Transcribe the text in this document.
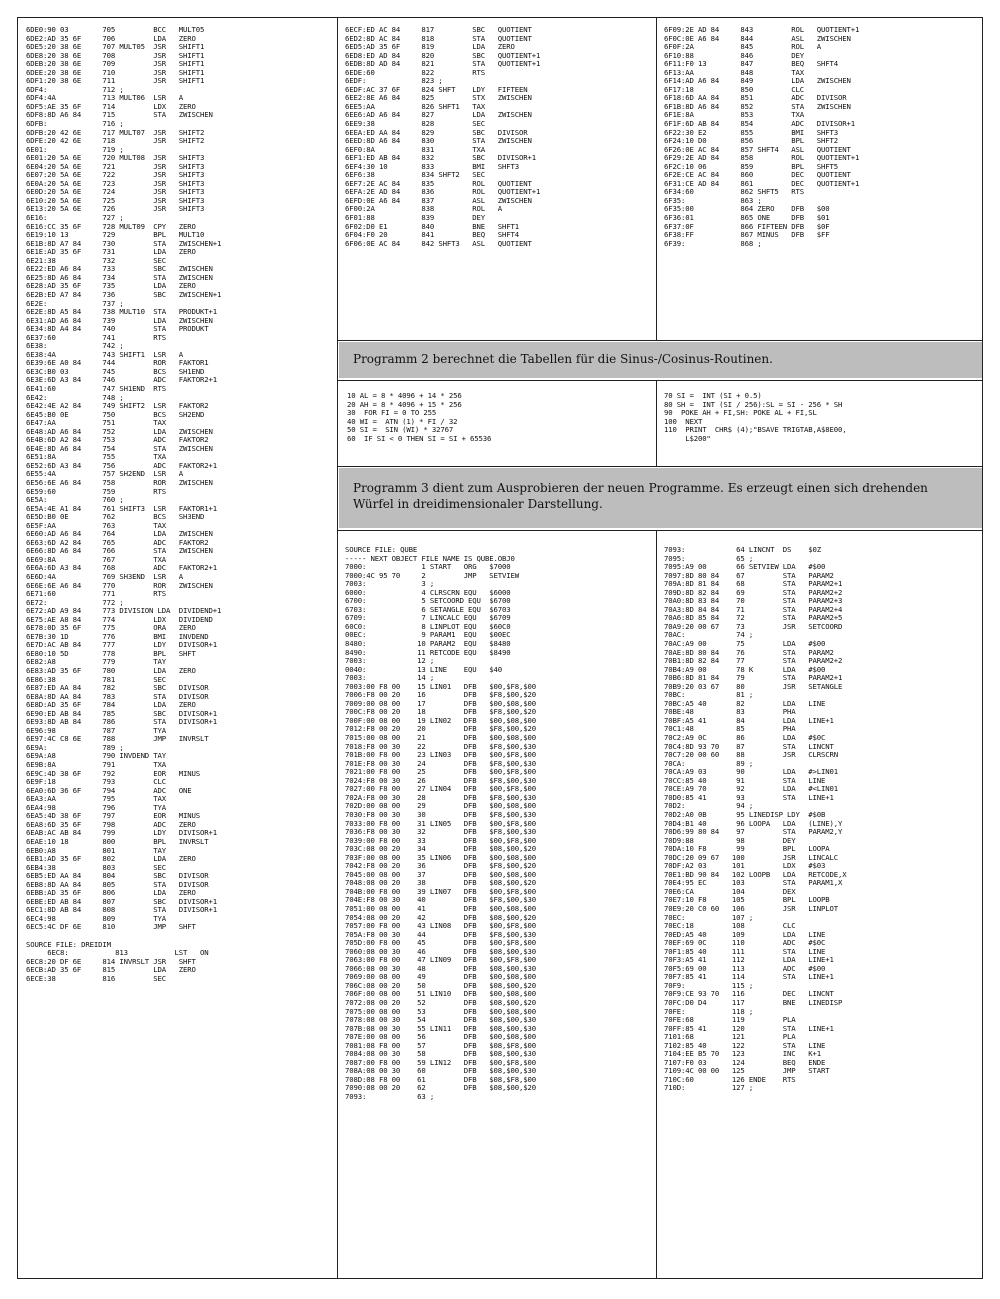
6DE0:90 03        705         BCC   MULT05
6DE2:AD 35 6F     706         LDA   ZERO
6DE5:20 38 6E     707 MULT05  JSR   SHIFT1
6DE8:20 38 6E     708         JSR   SHIFT1
6DEB:20 38 6E     709         JSR   SHIFT1
6DEE:20 38 6E     710         JSR   SHIFT1
6DF1:20 38 6E     711         JSR   SHIFT1
6DF4:             712 ;
6DF4:4A           713 MULT06  LSR   A
6DF5:AE 35 6F     714         LDX   ZERO
6DF8:8D A6 84     715         STA   ZWISCHEN
6DFB:             716 ;
6DFB:20 42 6E     717 MULT07  JSR   SHIFT2
6DFE:20 42 6E     718         JSR   SHIFT2
6E01:             719 ;
6E01:20 5A 6E     720 MULT08  JSR   SHIFT3
6E04:20 5A 6E     721         JSR   SHIFT3
6E07:20 5A 6E     722         JSR   SHIFT3
6E0A:20 5A 6E     723         JSR   SHIFT3
6E0D:20 5A 6E     724         JSR   SHIFT3
6E10:20 5A 6E     725         JSR   SHIFT3
6E13:20 5A 6E     726         JSR   SHIFT3
6E16:             727 ;
6E16:CC 35 6F     728 MULT09  CPY   ZERO
6E19:10 13        729         BPL   MULT10
6E1B:8D A7 84     730         STA   ZWISCHEN+1
6E1E:AD 35 6F     731         LDA   ZERO
6E21:38           732         SEC
6E22:ED A6 84     733         SBC   ZWISCHEN
6E25:8D A6 84     734         STA   ZWISCHEN
6E28:AD 35 6F     735         LDA   ZERO
6E2B:ED A7 84     736         SBC   ZWISCHEN+1
6E2E:             737 ;
6E2E:8D A5 84     738 MULT10  STA   PRODUKT+1
6E31:AD A6 84     739         LDA   ZWISCHEN
6E34:8D A4 84     740         STA   PRODUKT
6E37:60           741         RTS
6E38:             742 ;
6E38:4A           743 SHIFT1  LSR   A
6E39:6E A0 84     744         ROR   FAKTOR1
6E3C:B0 03        745         BCS   SH1END
6E3E:6D A3 84     746         ADC   FAKTOR2+1
6E41:60           747 SH1END  RTS
6E42:             748 ;
6E42:4E A2 84     749 SHIFT2  LSR   FAKTOR2
6E45:B0 0E        750         BCS   SH2END
6E47:AA           751         TAX
6E48:AD A6 84     752         LDA   ZWISCHEN
6E4B:6D A2 84     753         ADC   FAKTOR2
6E4E:8D A6 84     754         STA   ZWISCHEN
6E51:8A           755         TXA
6E52:6D A3 84     756         ADC   FAKTOR2+1
6E55:4A           757 SH2END  LSR   A
6E56:6E A6 84     758         ROR   ZWISCHEN
6E59:60           759         RTS
6E5A:             760 ;
6E5A:4E A1 84     761 SHIFT3  LSR   FAKTOR1+1
6E5D:B0 0E        762         BCS   SH3END
6E5F:AA           763         TAX
6E60:AD A6 84     764         LDA   ZWISCHEN
6E63:6D A2 84     765         ADC   FAKTOR2
6E66:8D A6 84     766         STA   ZWISCHEN
6E69:8A           767         TXA
6E6A:6D A3 84     768         ADC   FAKTOR2+1
6E6D:4A           769 SH3END  LSR   A
6E6E:6E A6 84     770         ROR   ZWISCHEN
6E71:60           771         RTS
6E72:             772 ;
6E72:AD A9 84     773 DIVISION LDA  DIVIDEND+1
6E75:AE A8 84     774         LDX   DIVIDEND
6E78:0D 35 6F     775         ORA   ZERO
6E7B:30 1D        776         BMI   INVDEND
6E7D:AC AB 84     777         LDY   DIVISOR+1
6E80:10 5D        778         BPL   SHFT
6E82:A8           779         TAY
6E83:AD 35 6F     780         LDA   ZERO
6E86:38           781         SEC
6E87:ED AA 84     782         SBC   DIVISOR
6E8A:8D AA 84     783         STA   DIVISOR
6E8D:AD 35 6F     784         LDA   ZERO
6E90:ED AB 84     785         SBC   DIVISOR+1
6E93:8D AB 84     786         STA   DIVISOR+1
6E96:98           787         TYA
6E97:4C C8 6E     788         JMP   INVRSLT
6E9A:             789 ;
6E9A:A8           790 INVDEND TAY
6E9B:8A           791         TXA
6E9C:4D 38 6F     792         EOR   MINUS
6E9F:18           793         CLC
6EA0:6D 36 6F     794         ADC   ONE
6EA3:AA           795         TAX
6EA4:98           796         TYA
6EA5:4D 38 6F     797         EOR   MINUS
6EA8:6D 35 6F     798         ADC   ZERO
6EAB:AC AB 84     799         LDY   DIVISOR+1
6EAE:10 18        800         BPL   INVRSLT
6EB0:A8           801         TAY
6EB1:AD 35 6F     802         LDA   ZERO
6EB4:38           803         SEC
6EB5:ED AA 84     804         SBC   DIVISOR
6EB8:8D AA 84     805         STA   DIVISOR
6EBB:AD 35 6F     806         LDA   ZERO
6EBE:ED AB 84     807         SBC   DIVISOR+1
6EC1:8D AB 84     808         STA   DIVISOR+1
6EC4:98           809         TYA
6EC5:4C DF 6E     810         JMP   SHFT

SOURCE FILE: DREIDIM
6EC8:           813           LST   ON
6EC8:20 DF 6E     814 INVRSLT JSR   SHFT
6ECB:AD 35 6F     815         LDA   ZERO
6ECE:38           816         SEC
6ECF:ED AC 84     817         SBC   QUOTIENT
6ED2:8D AC 84     818         STA   QUOTIENT
6ED5:AD 35 6F     819         LDA   ZERO
6ED8:ED AD 84     820         SBC   QUOTIENT+1
6EDB:8D AD 84     821         STA   QUOTIENT+1
6EDE:60           822         RTS
6EDF:             823 ;
6EDF:AC 37 6F     824 SHFT    LDY   FIFTEEN
6EE2:8E A6 84     825         STX   ZWISCHEN
6EE5:AA           826 SHFT1   TAX
6EE6:AD A6 84     827         LDA   ZWISCHEN
6EE9:38           828         SEC
6EEA:ED AA 84     829         SBC   DIVISOR
6EED:8D A6 84     830         STA   ZWISCHEN
6EF0:8A           831         TXA
6EF1:ED AB 84     832         SBC   DIVISOR+1
6EF4:30 10        833         BMI   SHFT3
6EF6:38           834 SHFT2   SEC
6EF7:2E AC 84     835         ROL   QUOTIENT
6EFA:2E AD 84     836         ROL   QUOTIENT+1
6EFD:0E A6 84     837         ASL   ZWISCHEN
6F00:2A           838         ROL   A
6F01:88           839         DEY
6F02:D0 E1        840         BNE   SHFT1
6F04:F0 20        841         BEQ   SHFT4
6F06:0E AC 84     842 SHFT3   ASL   QUOTIENT
6F09:2E AD 84     843         ROL   QUOTIENT+1
6F0C:0E A6 84     844         ASL   ZWISCHEN
6F0F:2A           845         ROL   A
6F10:88           846         DEY
6F11:F0 13        847         BEQ   SHFT4
6F13:AA           848         TAX
6F14:AD A6 84     849         LDA   ZWISCHEN
6F17:18           850         CLC
6F18:6D AA 84     851         ADC   DIVISOR
6F1B:8D A6 84     852         STA   ZWISCHEN
6F1E:8A           853         TXA
6F1F:6D AB 84     854         ADC   DIVISOR+1
6F22:30 E2        855         BMI   SHFT3
6F24:10 D0        856         BPL   SHFT2
6F26:0E AC 84     857 SHFT4   ASL   QUOTIENT
6F29:2E AD 84     858         ROL   QUOTIENT+1
6F2C:10 06        859         BPL   SHFT5
6F2E:CE AC 84     860         DEC   QUOTIENT
6F31:CE AD 84     861         DEC   QUOTIENT+1
6F34:60           862 SHFT5   RTS
6F35:             863 ;
6F35:00           864 ZERO    DFB   $00
6F36:01           865 ONE     DFB   $01
6F37:0F           866 FIFTEEN DFB   $0F
6F38:FF           867 MINUS   DFB   $FF
6F39:             868 ;
Programm 2 berechnet die Tabellen für die Sinus-/Cosinus-Routinen.
10 AL = 8 * 4096 + 14 * 256
20 AH = 8 * 4096 + 15 * 256
30  FOR FI = 0 TO 255
40 WI =  ATN (1) * FI / 32
50 SI =  SIN (WI) * 32767
60  IF SI < 0 THEN SI = SI + 65536
70 SI =  INT (SI + 0.5)
80 SH =  INT (SI / 256):SL = SI - 256 * SH
90  POKE AH + FI,SH: POKE AL + FI,SL
100  NEXT
110  PRINT  CHR$ (4);"BSAVE TRIGTAB,A$8E00,
L$200"
Programm 3 dient zum Ausprobieren der neuen Programme. Es erzeugt einen sich drehenden Würfel in dreidimensionaler Darstellung.
SOURCE FILE: QUBE
----- NEXT OBJECT FILE NAME IS QUBE.OBJ0
7000:             1 START   ORG   $7000
7000:4C 95 70     2         JMP   SETVIEW
7003:             3 ;
6000:             4 CLRSCRN EQU   $6000
6700:             5 SETCOORD EQU  $6700
6703:             6 SETANGLE EQU  $6703
6709:             7 LINCALC EQU   $6709
60C0:             8 LINPLOT EQU   $60C0
00EC:             9 PARAM1  EQU   $00EC
8480:            10 PARAM2  EQU   $8480
8490:            11 RETCODE EQU   $8490
7003:            12 ;
0040:            13 LINE    EQU   $40
7003:            14 ;
7003:00 F8 00    15 LIN01   DFB   $00,$F8,$00
7006:F8 00 20    16         DFB   $F8,$00,$20
7009:00 08 00    17         DFB   $00,$08,$00
700C:F8 00 20    18         DFB   $F8,$00,$20
700F:00 08 00    19 LIN02   DFB   $00,$08,$00
7012:F8 00 20    20         DFB   $F8,$00,$20
7015:00 08 00    21         DFB   $00,$08,$00
7018:F8 00 30    22         DFB   $F8,$00,$30
701B:00 F8 00    23 LIN03   DFB   $00,$F8,$00
701E:F8 00 30    24         DFB   $F8,$00,$30
7021:00 F8 00    25         DFB   $00,$F8,$00
7024:F8 00 30    26         DFB   $F8,$00,$30
7027:00 F8 00    27 LIN04   DFB   $00,$F8,$00
702A:F8 00 30    28         DFB   $F8,$00,$30
702D:00 08 00    29         DFB   $00,$08,$00
7030:F8 00 30    30         DFB   $F8,$00,$30
7033:00 F8 00    31 LIN05   DFB   $00,$F8,$00
7036:F8 00 30    32         DFB   $F8,$00,$30
7039:00 F8 00    33         DFB   $00,$F8,$00
703C:08 00 20    34         DFB   $08,$00,$20
703F:00 08 00    35 LIN06   DFB   $00,$08,$00
7042:F8 00 20    36         DFB   $F8,$00,$20
7045:00 08 00    37         DFB   $00,$08,$00
7048:08 00 20    38         DFB   $08,$00,$20
704B:00 F8 00    39 LIN07   DFB   $00,$F8,$00
704E:F8 00 30    40         DFB   $F8,$00,$30
7051:00 08 00    41         DFB   $00,$08,$00
7054:08 00 20    42         DFB   $08,$00,$20
7057:00 F8 00    43 LIN08   DFB   $00,$F8,$00
705A:F8 00 30    44         DFB   $F8,$00,$30
705D:00 F8 00    45         DFB   $00,$F8,$00
7060:08 00 30    46         DFB   $08,$00,$30
7063:00 F8 00    47 LIN09   DFB   $00,$F8,$00
7066:08 00 30    48         DFB   $08,$00,$30
7069:00 08 00    49         DFB   $00,$08,$00
706C:08 00 20    50         DFB   $08,$00,$20
706F:00 08 00    51 LIN10   DFB   $00,$08,$00
7072:08 00 20    52         DFB   $08,$00,$20
7075:00 08 00    53         DFB   $00,$08,$00
7078:08 00 30    54         DFB   $08,$00,$30
707B:08 00 30    55 LIN11   DFB   $08,$00,$30
707E:00 08 00    56         DFB   $00,$08,$00
7081:08 F8 00    57         DFB   $08,$F8,$00
7084:08 00 30    58         DFB   $08,$00,$30
7087:00 F8 00    59 LIN12   DFB   $00,$F8,$00
708A:08 00 30    60         DFB   $08,$00,$30
708D:08 F8 00    61         DFB   $08,$F8,$00
7090:08 00 20    62         DFB   $08,$00,$20
7093:            63 ;
7093:            64 LINCNT  DS    $0Z
7095:            65 ;
7095:A9 00       66 SETVIEW LDA   #$00
7097:8D 80 84    67         STA   PARAM2
709A:8D 81 84    68         STA   PARAM2+1
709D:8D 82 84    69         STA   PARAM2+2
70A0:8D 83 84    70         STA   PARAM2+3
70A3:8D 84 84    71         STA   PARAM2+4
70A6:8D 85 84    72         STA   PARAM2+5
70A9:20 00 67    73         JSR   SETCOORD
70AC:            74 ;
70AC:A9 00       75         LDA   #$00
70AE:8D 80 84    76         STA   PARAM2
70B1:8D 82 84    77         STA   PARAM2+2
70B4:A9 00       78 K       LDA   #$00
70B6:8D 81 84    79         STA   PARAM2+1
70B9:20 03 67    80         JSR   SETANGLE
70BC:            81 ;
70BC:A5 40       82         LDA   LINE
70BE:48          83         PHA
70BF:A5 41       84         LDA   LINE+1
70C1:48          85         PHA
70C2:A9 0C       86         LDA   #$0C
70C4:8D 93 70    87         STA   LINCNT
70C7:20 00 60    88         JSR   CLRSCRN
70CA:            89 ;
70CA:A9 03       90         LDA   #>LIN01
70CC:85 40       91         STA   LINE
70CE:A9 70       92         LDA   #<LIN01
70D0:85 41       93         STA   LINE+1
70D2:            94 ;
70D2:A0 0B       95 LINEDISP LDY  #$0B
70D4:B1 40       96 LOOPA   LDA   (LINE),Y
70D6:99 80 84    97         STA   PARAM2,Y
70D9:88          98         DEY
70DA:10 F8       99         BPL   LOOPA
70DC:20 09 67   100         JSR   LINCALC
70DF:A2 03      101         LDX   #$03
70E1:BD 90 84   102 LOOPB   LDA   RETCODE,X
70E4:95 EC      103         STA   PARAM1,X
70E6:CA         104         DEX
70E7:10 F8      105         BPL   LOOPB
70E9:20 C0 60   106         JSR   LINPLOT
70EC:           107 ;
70EC:18         108         CLC
70ED:A5 40      109         LDA   LINE
70EF:69 0C      110         ADC   #$0C
70F1:85 40      111         STA   LINE
70F3:A5 41      112         LDA   LINE+1
70F5:69 00      113         ADC   #$00
70F7:85 41      114         STA   LINE+1
70F9:           115 ;
70F9:CE 93 70   116         DEC   LINCNT
70FC:D0 D4      117         BNE   LINEDISP
70FE:           118 ;
70FE:68         119         PLA
70FF:85 41      120         STA   LINE+1
7101:68         121         PLA
7102:85 40      122         STA   LINE
7104:EE B5 70   123         INC   K+1
7107:F0 03      124         BEQ   ENDE
7109:4C 00 00   125         JMP   START
710C:60         126 ENDE    RTS
710D:           127 ;
